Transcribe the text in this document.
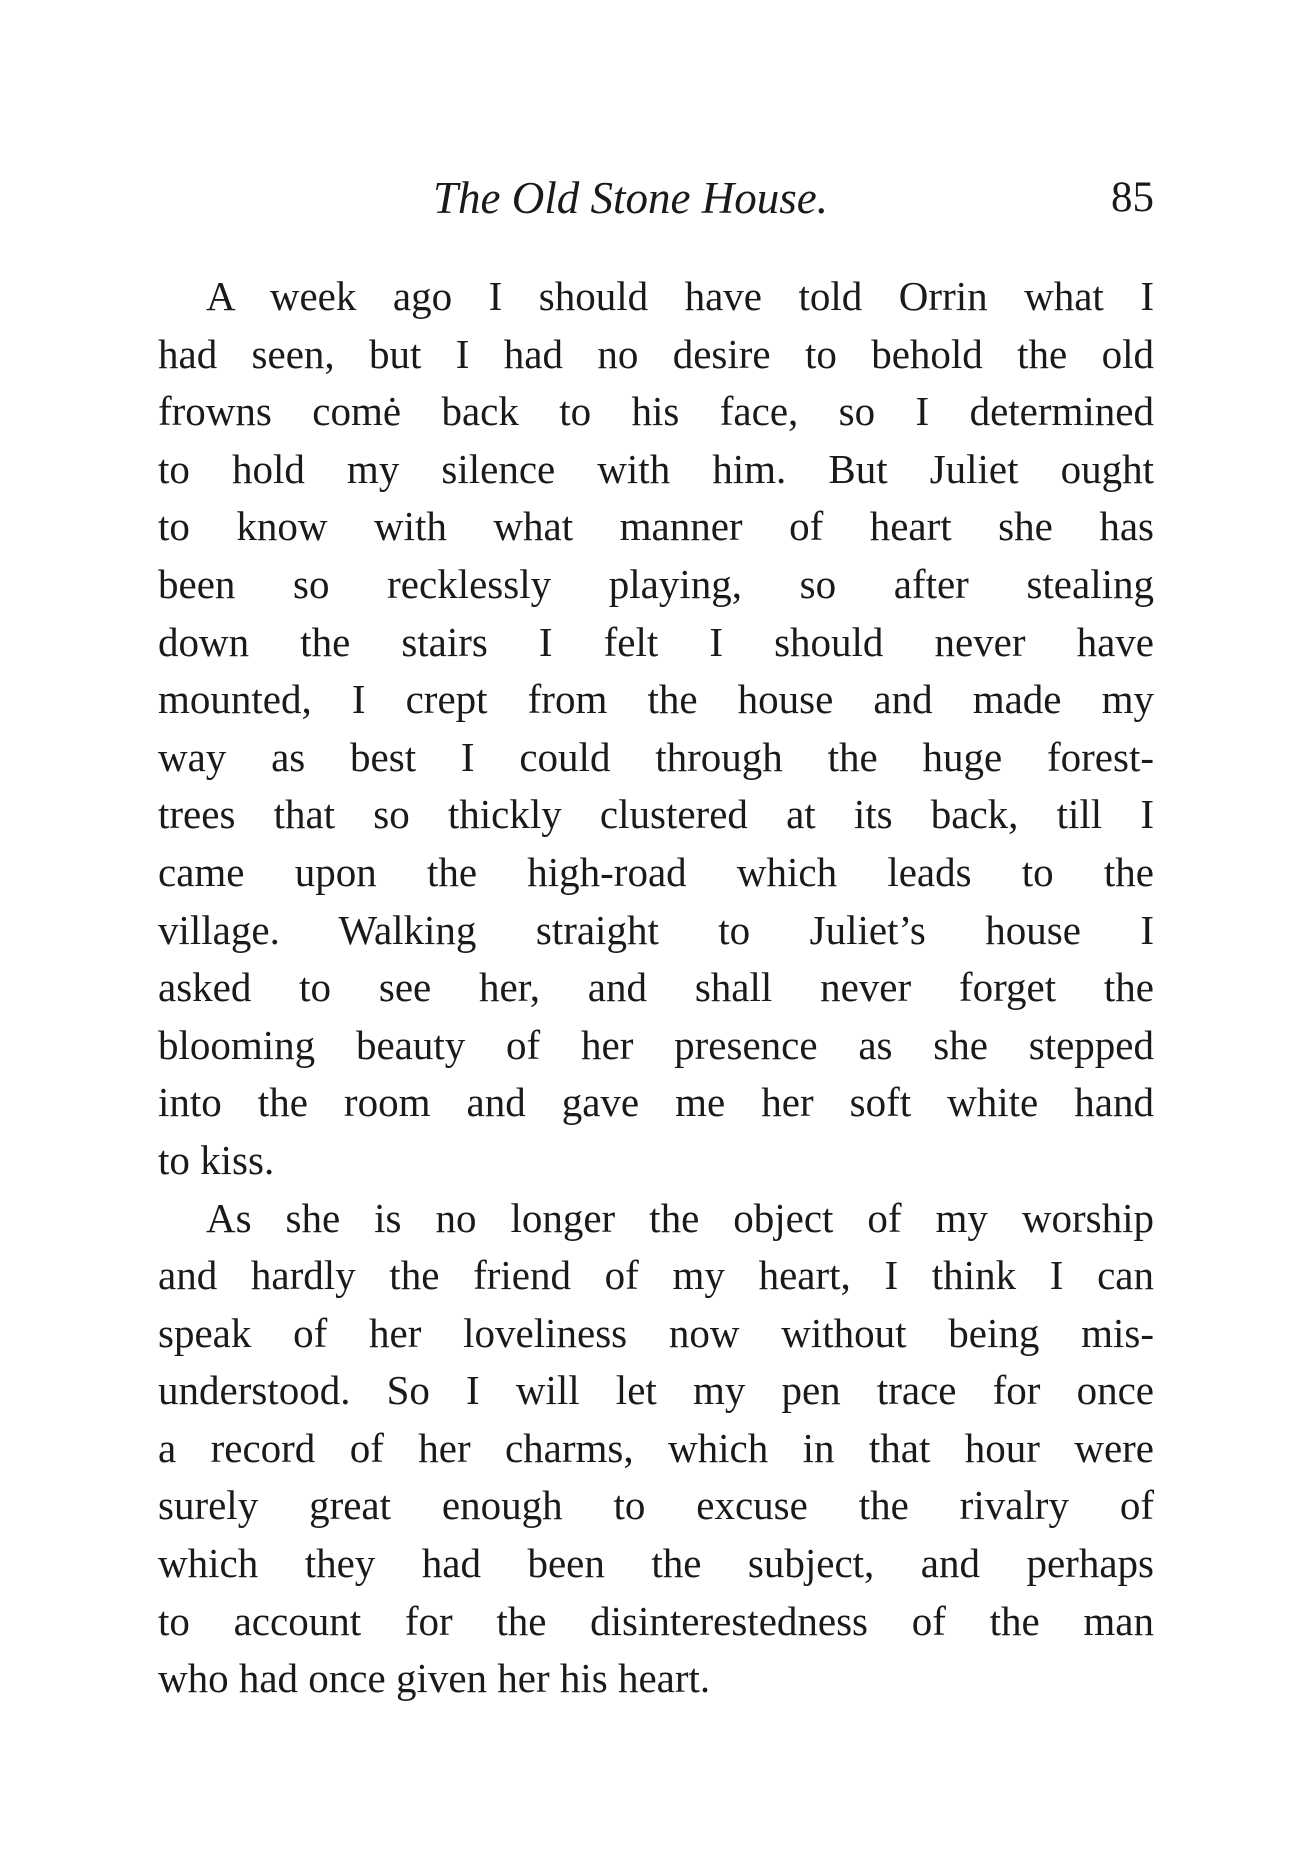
The Old Stone House.	85

A week ago I should have told Orrin what I
had seen, but I had no desire to behold the old
frowns comė back to his face, so I determined
to hold my silence with him. But Juliet ought
to know with what manner of heart she has
been so recklessly playing, so after stealing
down the stairs I felt I should never have
mounted, I crept from the house and made my
way as best I could through the huge forest-
trees that so thickly clustered at its back, till I
came upon the high-road which leads to the
village. Walking straight to Juliet’s house I
asked to see her, and shall never forget the
blooming beauty of her presence as she stepped
into the room and gave me her soft white hand
to kiss.

As she is no longer the object of my worship
and hardly the friend of my heart, I think I can
speak of her loveliness now without being mis-
understood. So I will let my pen trace for once
a record of her charms, which in that hour were
surely great enough to excuse the rivalry of
which they had been the subject, and perhaps
to account for the disinterestedness of the man
who had once given her his heart.
